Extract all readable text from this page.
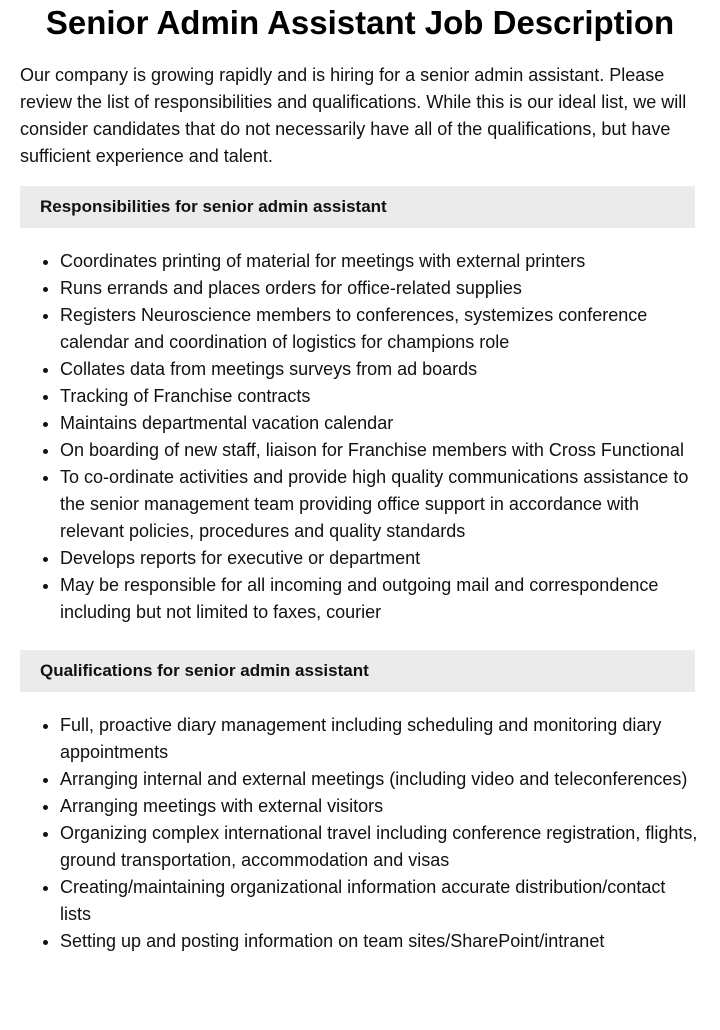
Senior Admin Assistant Job Description

Our company is growing rapidly and is hiring for a senior admin assistant. Please review the list of responsibilities and qualifications. While this is our ideal list, we will consider candidates that do not necessarily have all of the qualifications, but have sufficient experience and talent.

Responsibilities for senior admin assistant
• Coordinates printing of material for meetings with external printers
• Runs errands and places orders for office-related supplies
• Registers Neuroscience members to conferences, systemizes conference calendar and coordination of logistics for champions role
• Collates data from meetings surveys from ad boards
• Tracking of Franchise contracts
• Maintains departmental vacation calendar
• On boarding of new staff, liaison for Franchise members with Cross Functional
• To co-ordinate activities and provide high quality communications assistance to the senior management team providing office support in accordance with relevant policies, procedures and quality standards
• Develops reports for executive or department
• May be responsible for all incoming and outgoing mail and correspondence including but not limited to faxes, courier
Qualifications for senior admin assistant
• Full, proactive diary management including scheduling and monitoring diary appointments
• Arranging internal and external meetings (including video and teleconferences)
• Arranging meetings with external visitors
• Organizing complex international travel including conference registration, flights, ground transportation, accommodation and visas
• Creating/maintaining organizational information accurate distribution/contact lists
• Setting up and posting information on team sites/SharePoint/intranet
